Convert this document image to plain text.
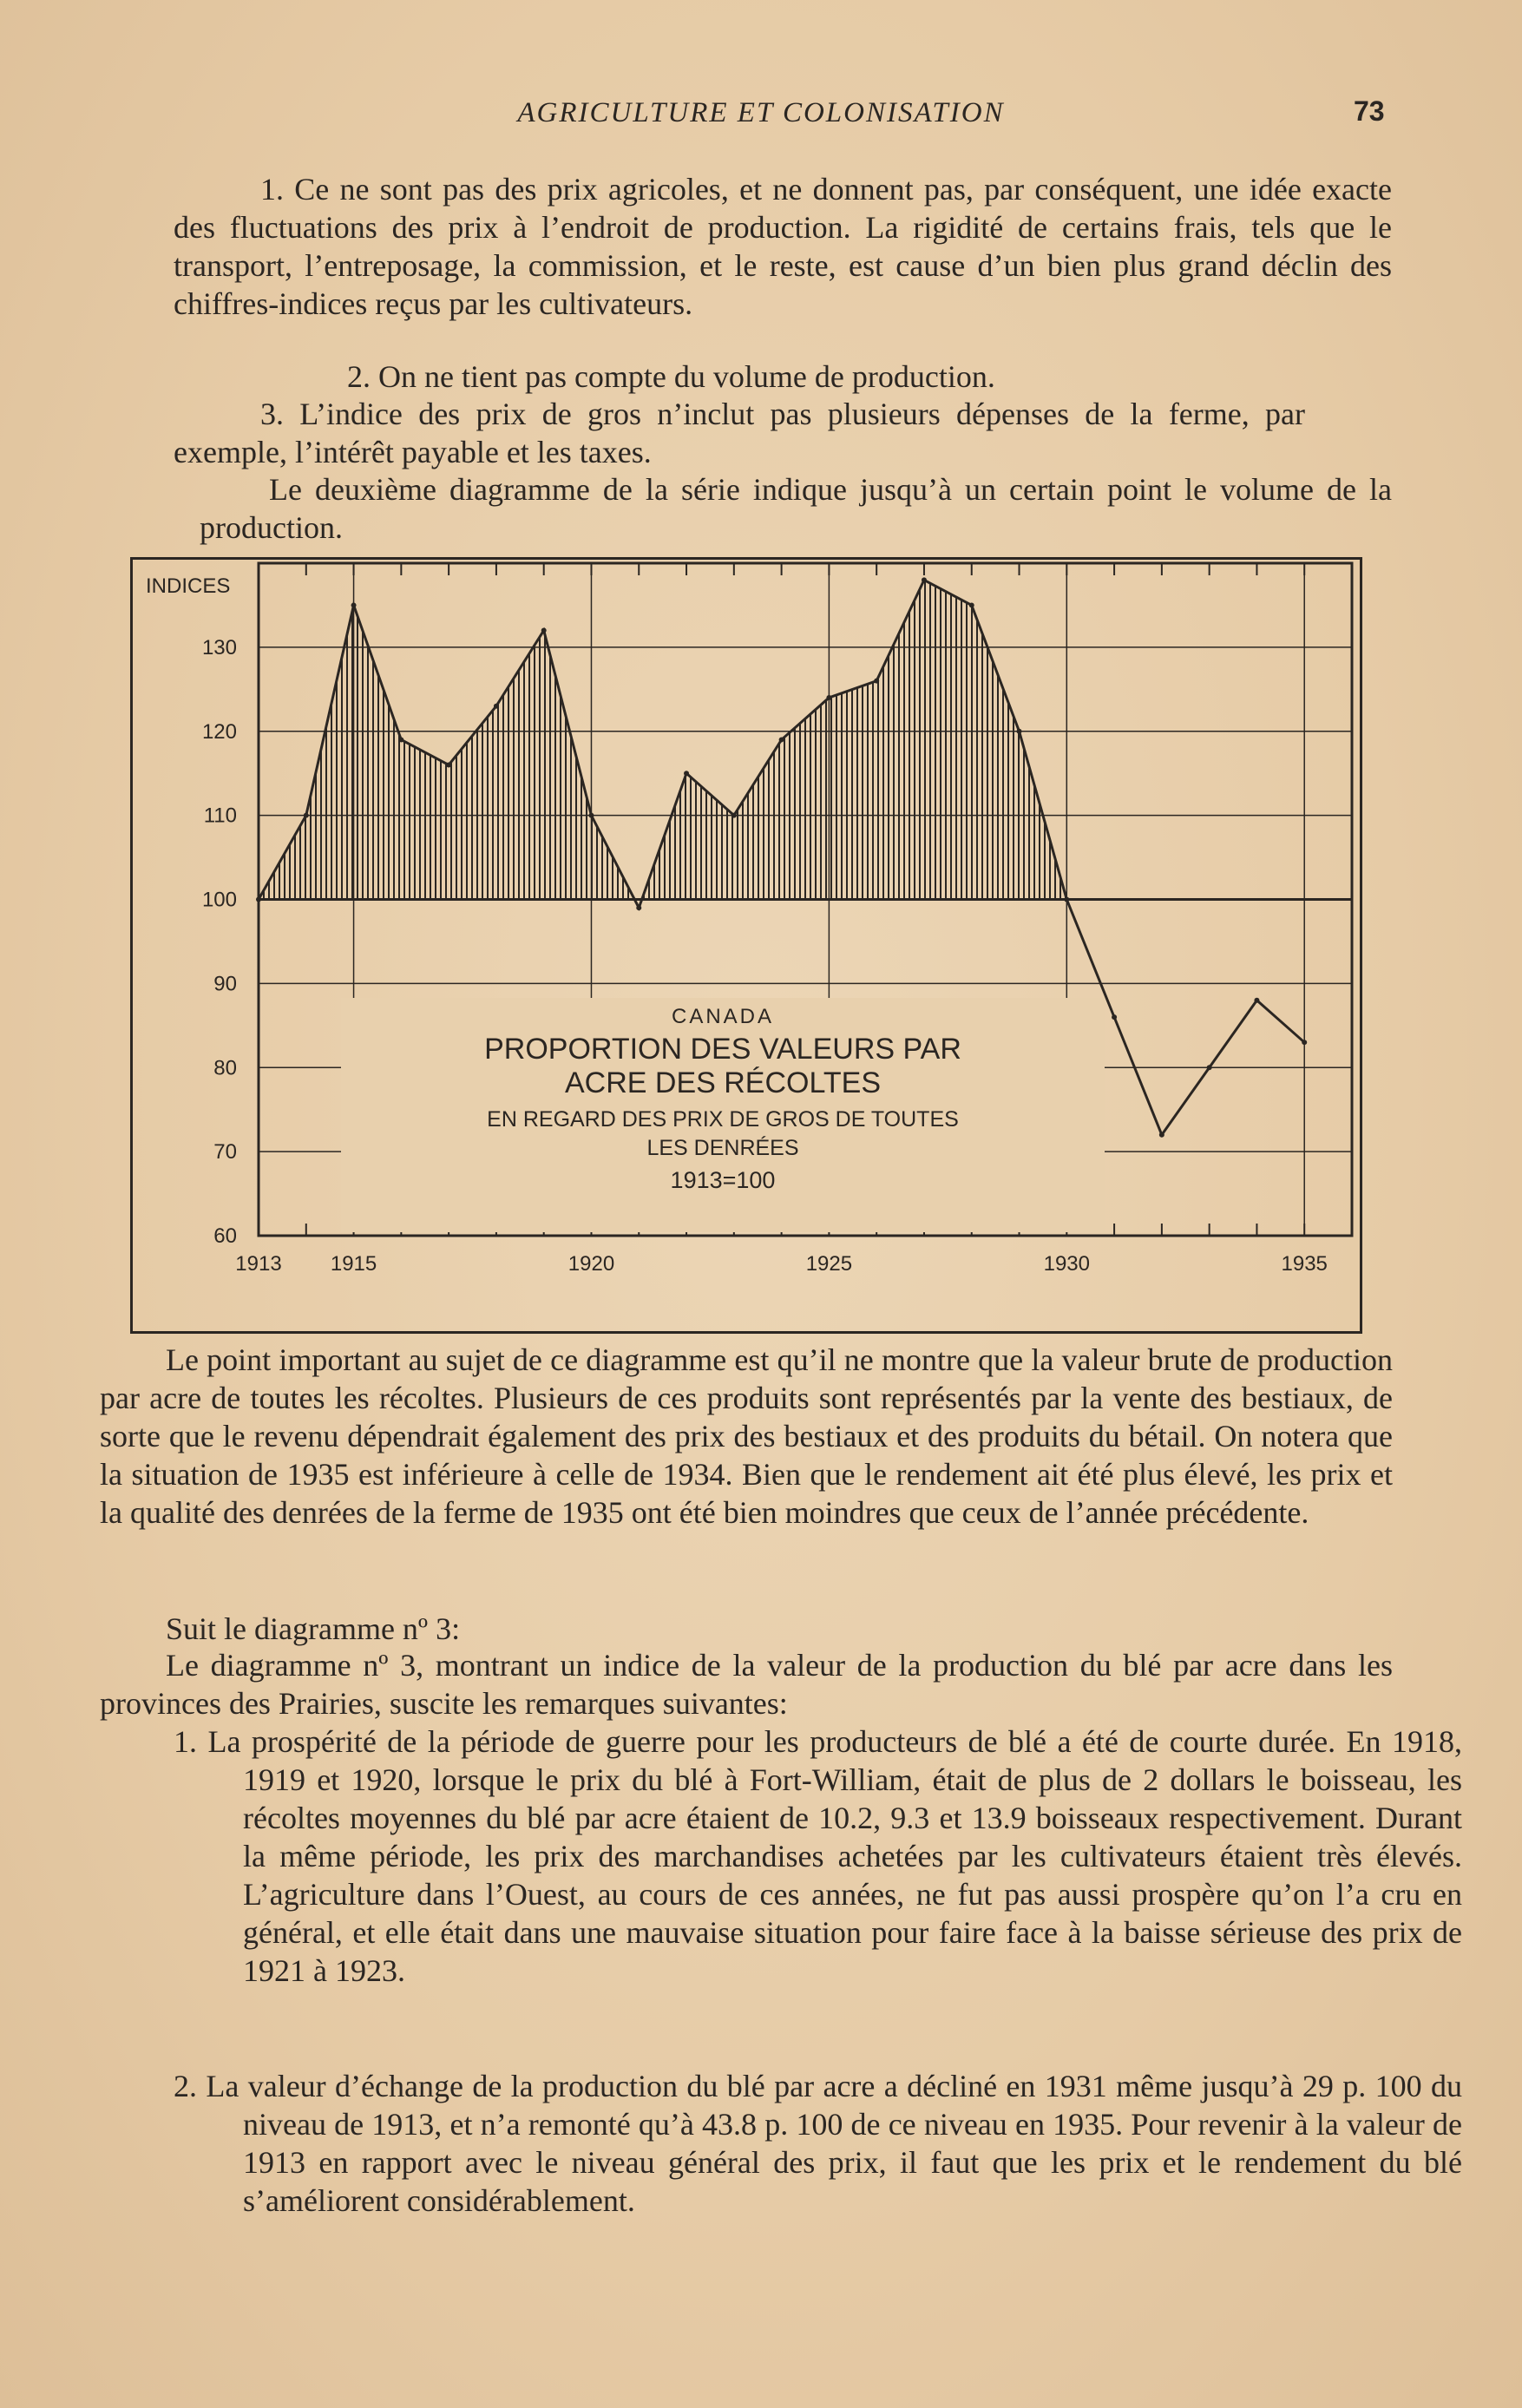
AGRICULTURE ET COLONISATION	73

1. Ce ne sont pas des prix agricoles, et ne donnent pas, par conséquent, une idée exacte des fluctuations des prix à l’endroit de production. La rigidité de certains frais, tels que le transport, l’entreposage, la commission, et le reste, est cause d’un bien plus grand déclin des chiffres-indices reçus par les cultivateurs.

2. On ne tient pas compte du volume de production.

3. L’indice des prix de gros n’inclut pas plusieurs dépenses de la ferme, par exemple, l’intérêt payable et les taxes.

Le deuxième diagramme de la série indique jusqu’à un certain point le volume de la production.

INDICES
60
70
80
90
100
110
120
130
1913 1915	1920	1925	1930	1935
CANADA
PROPORTION DES VALEURS PAR
ACRE DES RÉCOLTES
EN REGARD DES PRIX DE GROS DE TOUTES
LES DENRÉES
1913=100

Le point important au sujet de ce diagramme est qu’il ne montre que la valeur brute de production par acre de toutes les récoltes. Plusieurs de ces produits sont représentés par la vente des bestiaux, de sorte que le revenu dépendrait également des prix des bestiaux et des produits du bétail. On notera que la situation de 1935 est inférieure à celle de 1934. Bien que le rendement ait été plus élevé, les prix et la qualité des denrées de la ferme de 1935 ont été bien moindres que ceux de l’année précédente.

Suit le diagramme nº 3:

Le diagramme nº 3, montrant un indice de la valeur de la production du blé par acre dans les provinces des Prairies, suscite les remarques suivantes:

1. La prospérité de la période de guerre pour les producteurs de blé a été de courte durée. En 1918, 1919 et 1920, lorsque le prix du blé à Fort-William, était de plus de 2 dollars le boisseau, les récoltes moyennes du blé par acre étaient de 10.2, 9.3 et 13.9 boisseaux respectivement. Durant la même période, les prix des marchandises achetées par les cultivateurs étaient très élevés. L’agriculture dans l’Ouest, au cours de ces années, ne fut pas aussi prospère qu’on l’a cru en général, et elle était dans une mauvaise situation pour faire face à la baisse sérieuse des prix de 1921 à 1923.

2. La valeur d’échange de la production du blé par acre a décliné en 1931 même jusqu’à 29 p. 100 du niveau de 1913, et n’a remonté qu’à 43.8 p. 100 de ce niveau en 1935. Pour revenir à la valeur de 1913 en rapport avec le niveau général des prix, il faut que les prix et le rendement du blé s’améliorent considérablement.
